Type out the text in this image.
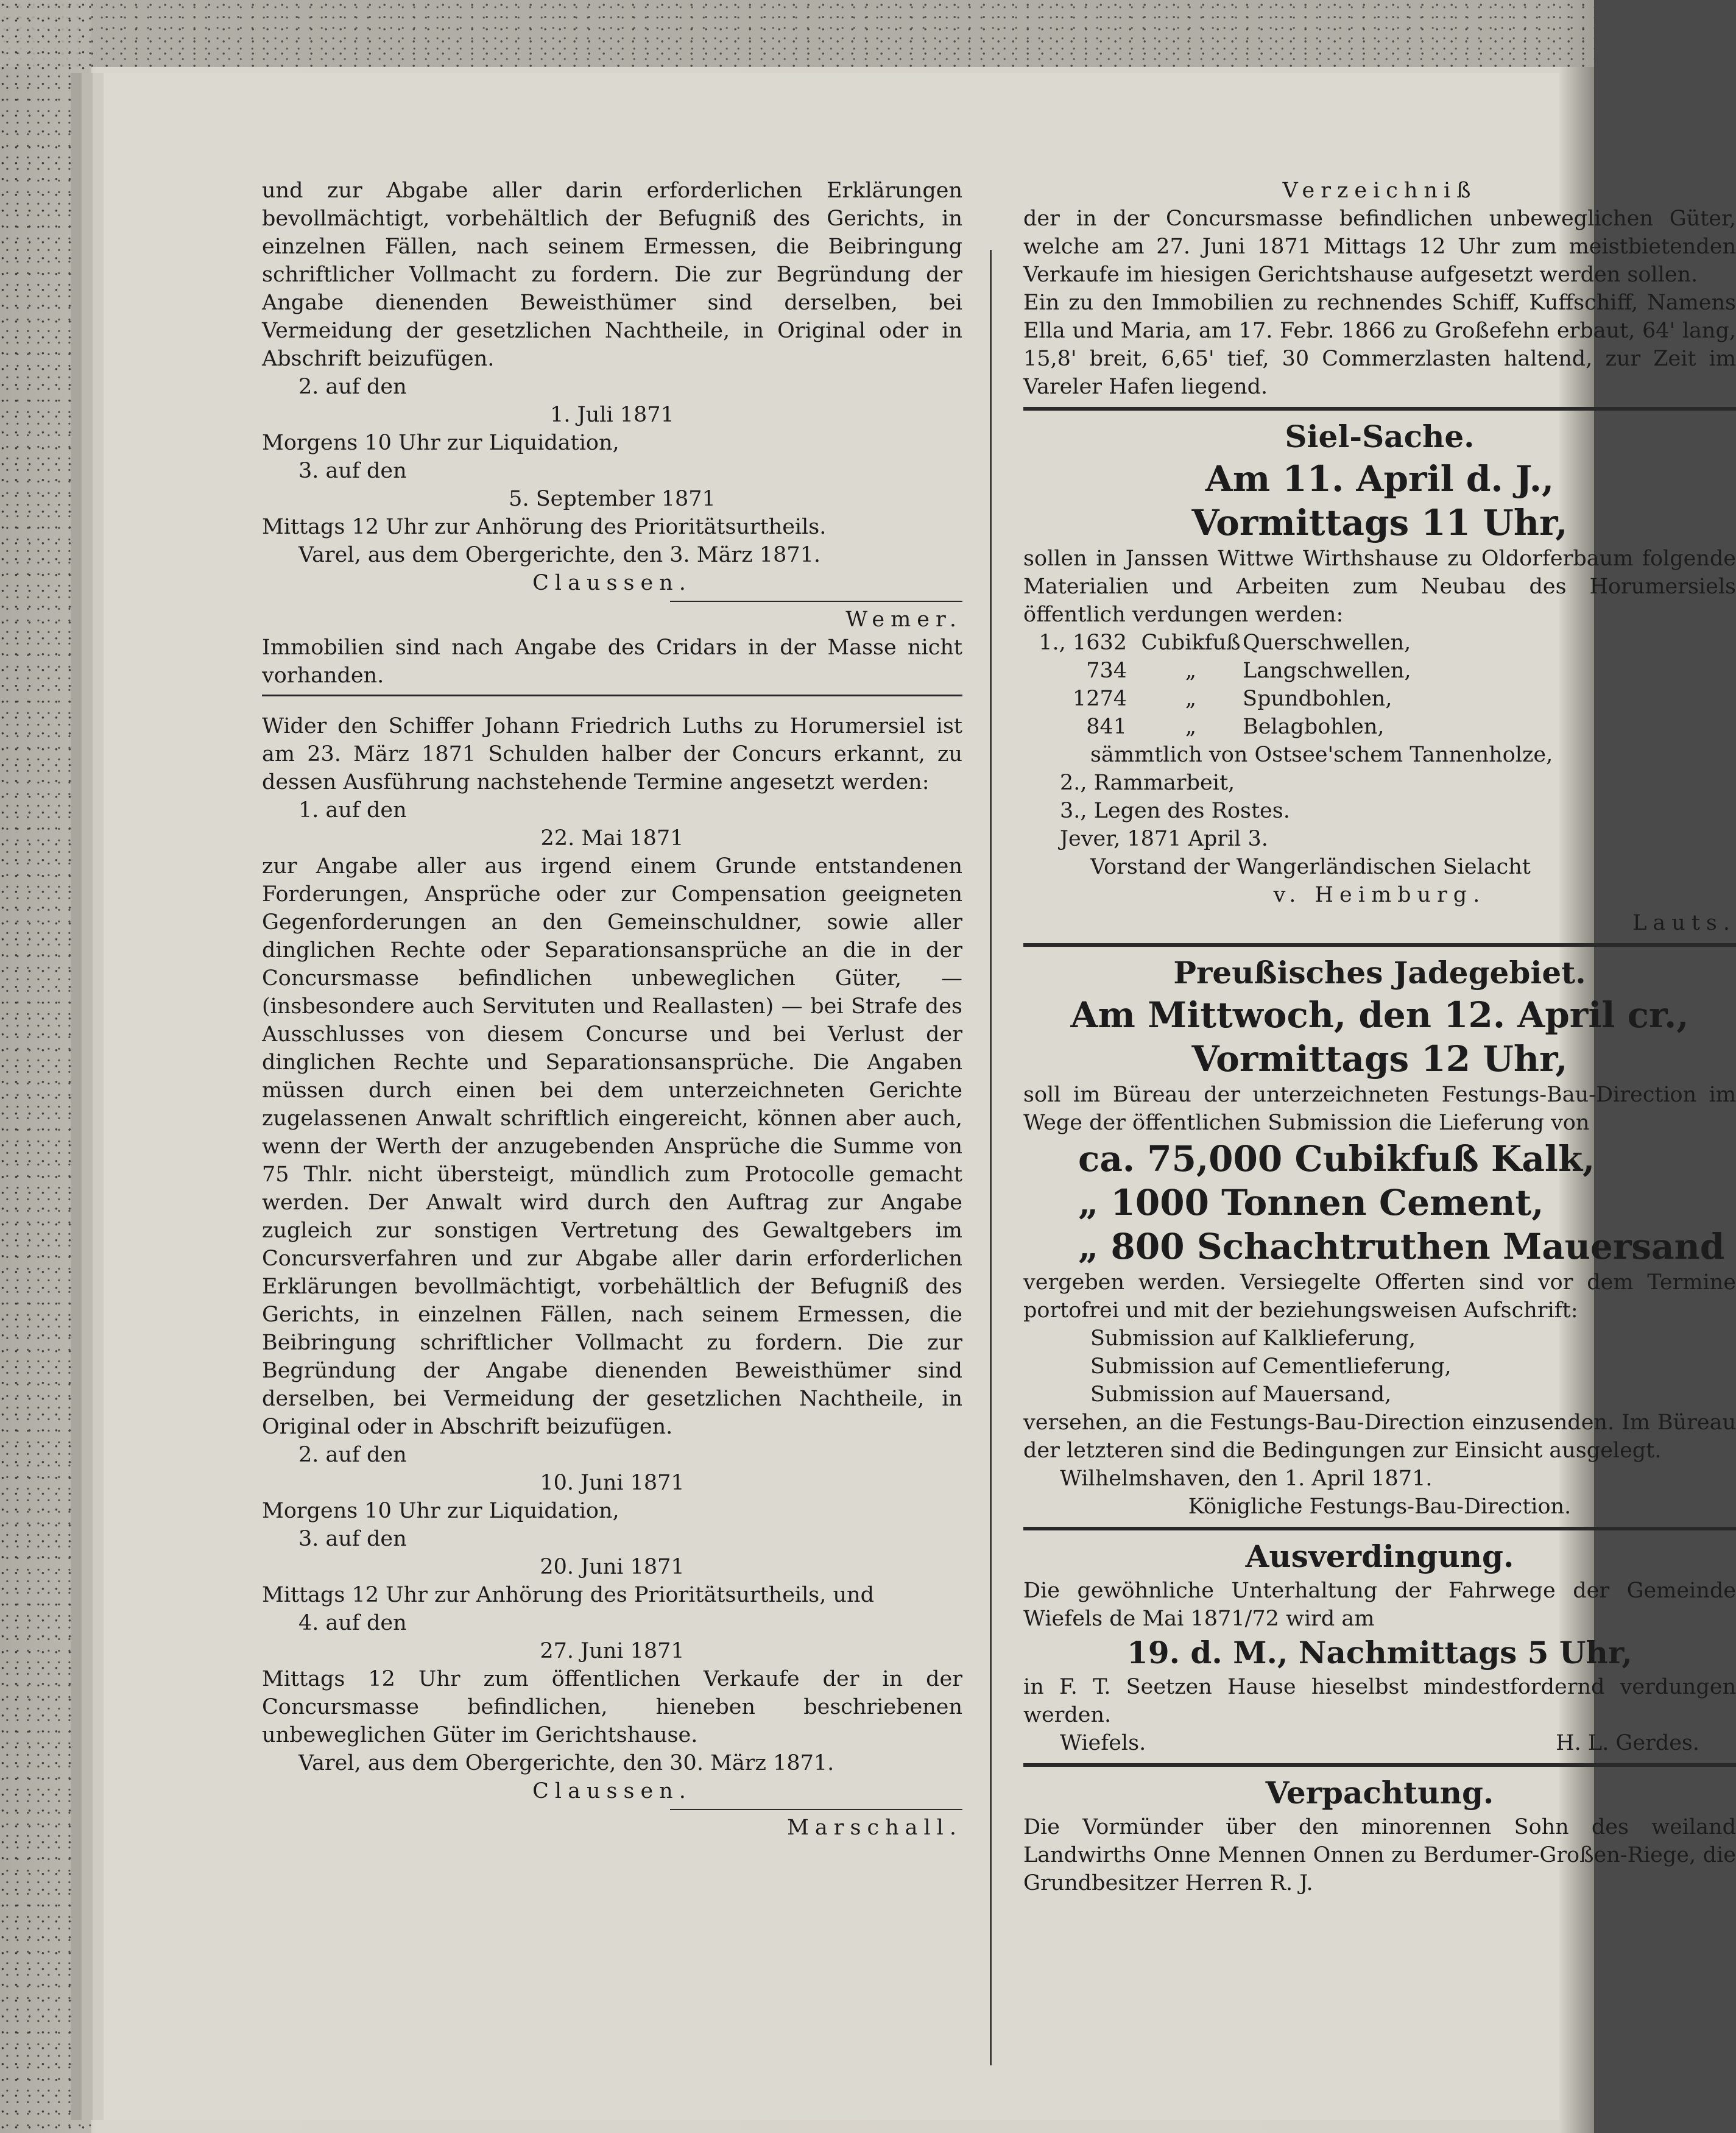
und zur Abgabe aller darin erforderlichen Erklärungen bevollmächtigt, vorbehältlich der Befugniß des Gerichts, in einzelnen Fällen, nach seinem Ermessen, die Beibringung schriftlicher Vollmacht zu fordern. Die zur Begründung der Angabe dienenden Beweisthümer sind derselben, bei Vermeidung der gesetzlichen Nachtheile, in Original oder in Abschrift beizufügen.

2. auf den

1. Juli 1871

Morgens 10 Uhr zur Liquidation,

3. auf den

5. September 1871

Mittags 12 Uhr zur Anhörung des Prioritätsurtheils.

Varel, aus dem Obergerichte, den 3. März 1871.

Claussen.

Wemer.

Immobilien sind nach Angabe des Cridars in der Masse nicht vorhanden.

Wider den Schiffer Johann Friedrich Luths zu Horumersiel ist am 23. März 1871 Schulden halber der Concurs erkannt, zu dessen Ausführung nachstehende Termine angesetzt werden:

1. auf den

22. Mai 1871

zur Angabe aller aus irgend einem Grunde entstandenen Forderungen, Ansprüche oder zur Compensation geeigneten Gegenforderungen an den Gemeinschuldner, sowie aller dinglichen Rechte oder Separationsansprüche an die in der Concursmasse befindlichen unbeweglichen Güter, — (insbesondere auch Servituten und Reallasten) — bei Strafe des Ausschlusses von diesem Concurse und bei Verlust der dinglichen Rechte und Separationsansprüche. Die Angaben müssen durch einen bei dem unterzeichneten Gerichte zugelassenen Anwalt schriftlich eingereicht, können aber auch, wenn der Werth der anzugebenden Ansprüche die Summe von 75 Thlr. nicht übersteigt, mündlich zum Protocolle gemacht werden. Der Anwalt wird durch den Auftrag zur Angabe zugleich zur sonstigen Vertretung des Gewaltgebers im Concursverfahren und zur Abgabe aller darin erforderlichen Erklärungen bevollmächtigt, vorbehältlich der Befugniß des Gerichts, in einzelnen Fällen, nach seinem Ermessen, die Beibringung schriftlicher Vollmacht zu fordern. Die zur Begründung der Angabe dienenden Beweisthümer sind derselben, bei Vermeidung der gesetzlichen Nachtheile, in Original oder in Abschrift beizufügen.

2. auf den

10. Juni 1871

Morgens 10 Uhr zur Liquidation,

3. auf den

20. Juni 1871

Mittags 12 Uhr zur Anhörung des Prioritätsurtheils, und

4. auf den

27. Juni 1871

Mittags 12 Uhr zum öffentlichen Verkaufe der in der Concursmasse befindlichen, hieneben beschriebenen unbeweglichen Güter im Gerichtshause.

Varel, aus dem Obergerichte, den 30. März 1871.

Claussen.

Marschall.

Verzeichniß

der in der Concursmasse befindlichen unbeweglichen Güter, welche am 27. Juni 1871 Mittags 12 Uhr zum meistbietenden Verkaufe im hiesigen Gerichtshause aufgesetzt werden sollen.

Ein zu den Immobilien zu rechnendes Schiff, Kuffschiff, Namens Ella und Maria, am 17. Febr. 1866 zu Großefehn erbaut, 64' lang, 15,8' breit, 6,65' tief, 30 Commerzlasten haltend, zur Zeit im Vareler Hafen liegend.

Siel-Sache.

Am 11. April d. J.,

Vormittags 11 Uhr,

sollen in Janssen Wittwe Wirthshause zu Oldorferbaum folgende Materialien und Arbeiten zum Neubau des Horumersiels öffentlich verdungen werden:

1., 1632 Cubikfuß Querschwellen,
734	„	Langschwellen,
1274	„	Spundbohlen,
841	„	Belagbohlen,

sämmtlich von Ostsee'schem Tannenholze,

2., Rammarbeit,

3., Legen des Rostes.

Jever, 1871 April 3.

Vorstand der Wangerländischen Sielacht

v. Heimburg.

Lauts.

Preußisches Jadegebiet.

Am Mittwoch, den 12. April cr.,

Vormittags 12 Uhr,

soll im Büreau der unterzeichneten Festungs-Bau-Direction im Wege der öffentlichen Submission die Lieferung von

ca. 75,000 Cubikfuß Kalk,

„ 1000 Tonnen Cement,

„ 800 Schachtruthen Mauersand

vergeben werden. Versiegelte Offerten sind vor dem Termine portofrei und mit der beziehungsweisen Aufschrift:

Submission auf Kalklieferung,

Submission auf Cementlieferung,

Submission auf Mauersand,

versehen, an die Festungs-Bau-Direction einzusenden. Im Büreau der letzteren sind die Bedingungen zur Einsicht ausgelegt.

Wilhelmshaven, den 1. April 1871.

Königliche Festungs-Bau-Direction.

Ausverdingung.

Die gewöhnliche Unterhaltung der Fahrwege der Gemeinde Wiefels de Mai 1871/72 wird am

19. d. M., Nachmittags 5 Uhr,

in F. T. Seetzen Hause hieselbst mindestfordernd verdungen werden.

Wiefels.	H. L. Gerdes.

Verpachtung.

Die Vormünder über den minorennen Sohn des weiland Landwirths Onne Mennen Onnen zu Berdumer-Großen-Riege, die Grundbesitzer Herren R. J.
